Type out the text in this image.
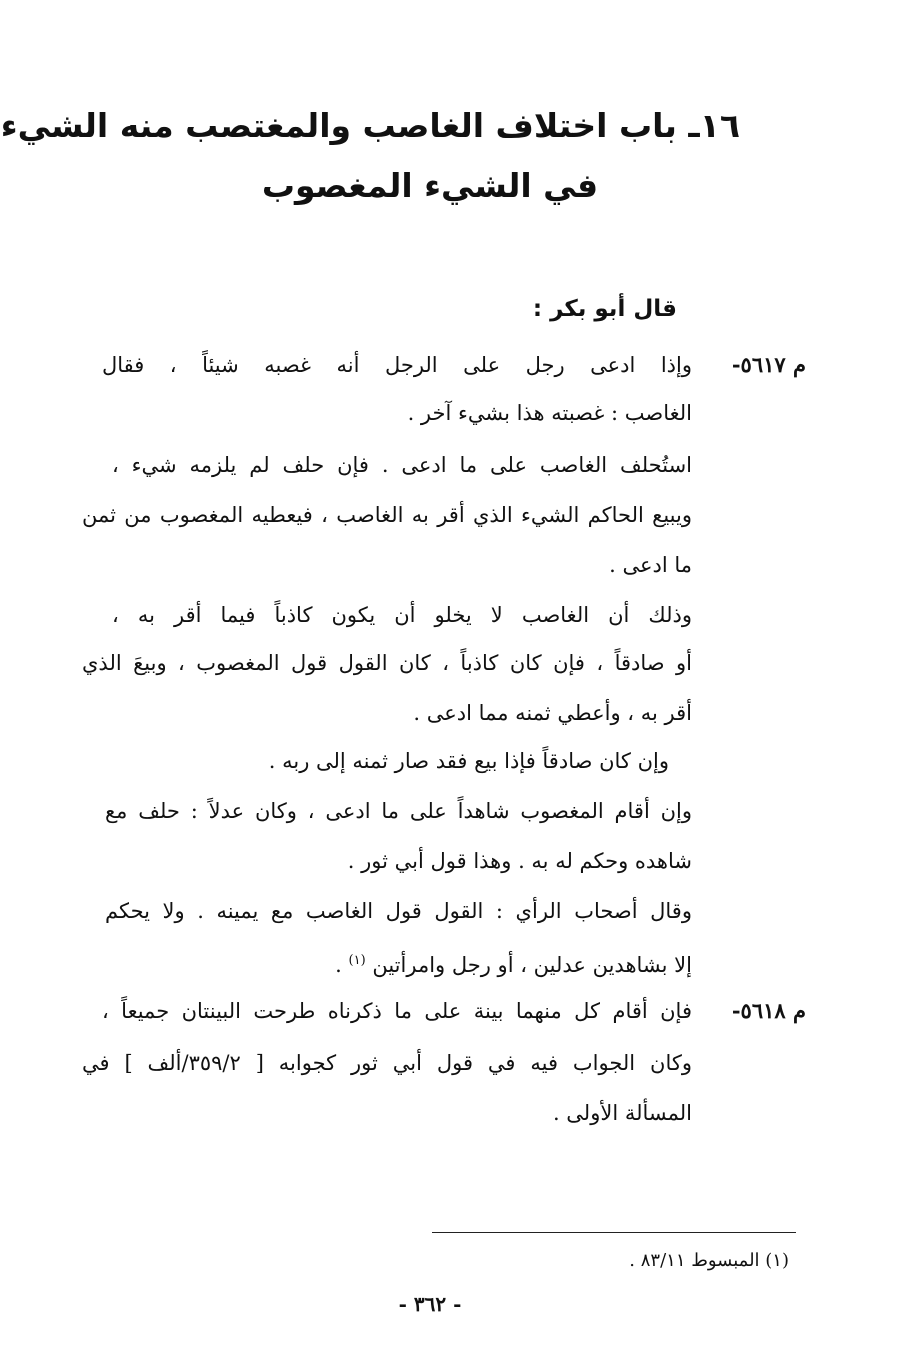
١٦ـ باب اختلاف الغاصب والمغتصب منه الشيء
في الشيء المغصوب
قال أبو بكر :
م ٥٦١٧-
وإذا ادعى رجل على الرجل أنه غصبه شيئاً ، فقال
الغاصب : غصبته هذا بشيء آخر .
استُحلف الغاصب على ما ادعى . فإن حلف لم يلزمه شيء ،
ويبيع الحاكم الشيء الذي أقر به الغاصب ، فيعطيه المغصوب من ثمن
ما ادعى .
وذلك أن الغاصب لا يخلو أن يكون كاذباً فيما أقر به ،
أو صادقاً ، فإن كان كاذباً ، كان القول قول المغصوب ، وبيعَ الذي
أقر به ، وأعطي ثمنه مما ادعى .
وإن كان صادقاً فإذا بيع فقد صار ثمنه إلى ربه .
وإن أقام المغصوب شاهداً على ما ادعى ، وكان عدلاً : حلف مع
شاهده وحكم له به . وهذا قول أبي ثور .
وقال أصحاب الرأي : القول قول الغاصب مع يمينه . ولا يحكم
إلا بشاهدين عدلين ، أو رجل وامرأتين $^{(١)}$ .
م ٥٦١٨-
فإن أقام كل منهما بينة على ما ذكرناه طرحت البينتان جميعاً ،
وكان الجواب فيه في قول أبي ثور كجوابه [ ٣٥٩/٢/ألف ] في
المسألة الأولى .
(١) المبسوط ٨٣/١١ .
- ٣٦٢ -
